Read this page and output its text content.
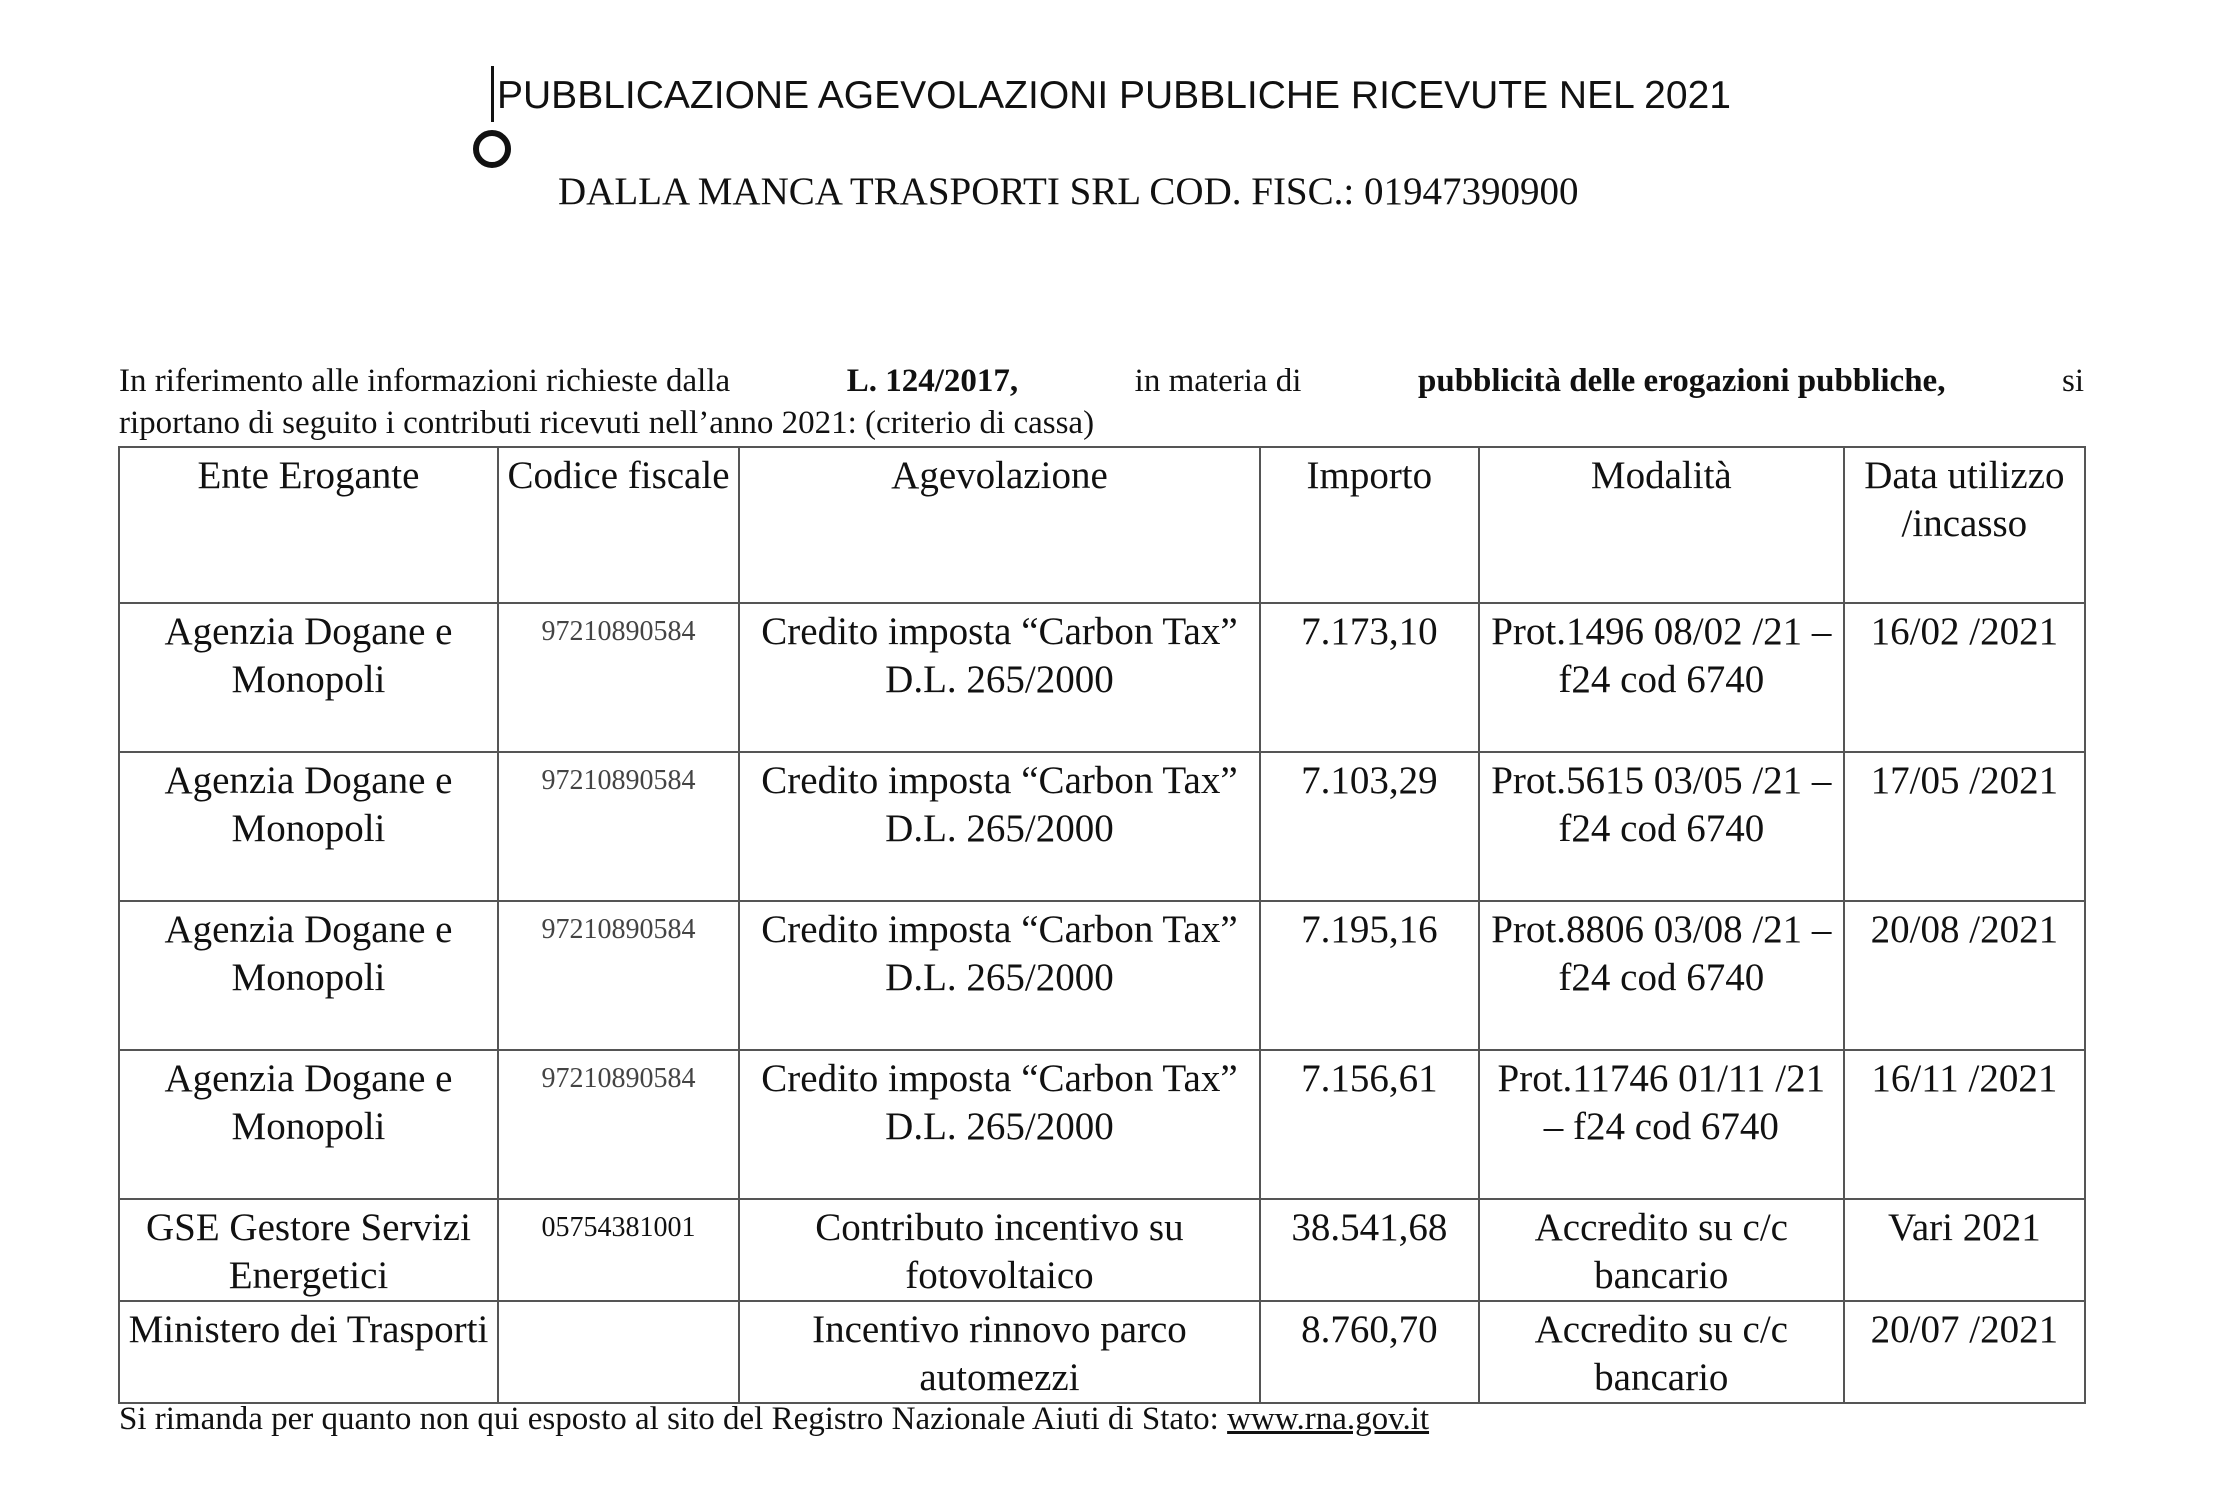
PUBBLICAZIONE AGEVOLAZIONI PUBBLICHE RICEVUTE NEL 2021
DALLA MANCA TRASPORTI SRL COD. FISC.: 01947390900
In riferimento alle informazioni richieste dalla	L. 124/2017,	in materia di	pubblicità delle erogazioni pubbliche,	si
riportano di seguito i contributi ricevuti nell’anno 2021: (criterio di cassa)
Ente Erogante	Codice fiscale	Agevolazione	Importo	Modalità	Data utilizzo /incasso
Agenzia Dogane e Monopoli	97210890584	Credito imposta “Carbon Tax” D.L. 265/2000	7.173,10	Prot.1496 08/02 /21 – f24 cod 6740	16/02 /2021
Agenzia Dogane e Monopoli	97210890584	Credito imposta “Carbon Tax” D.L. 265/2000	7.103,29	Prot.5615 03/05 /21 – f24 cod 6740	17/05 /2021
Agenzia Dogane e Monopoli	97210890584	Credito imposta “Carbon Tax” D.L. 265/2000	7.195,16	Prot.8806 03/08 /21 – f24 cod 6740	20/08 /2021
Agenzia Dogane e Monopoli	97210890584	Credito imposta “Carbon Tax” D.L. 265/2000	7.156,61	Prot.11746 01/11 /21 – f24 cod 6740	16/11 /2021
GSE Gestore Servizi Energetici	05754381001	Contributo incentivo su fotovoltaico	38.541,68	Accredito su c/c bancario	Vari 2021
Ministero dei Trasporti		Incentivo rinnovo parco automezzi	8.760,70	Accredito su c/c bancario	20/07 /2021
Si rimanda per quanto non qui esposto al sito del Registro Nazionale Aiuti di Stato: www.rna.gov.it
